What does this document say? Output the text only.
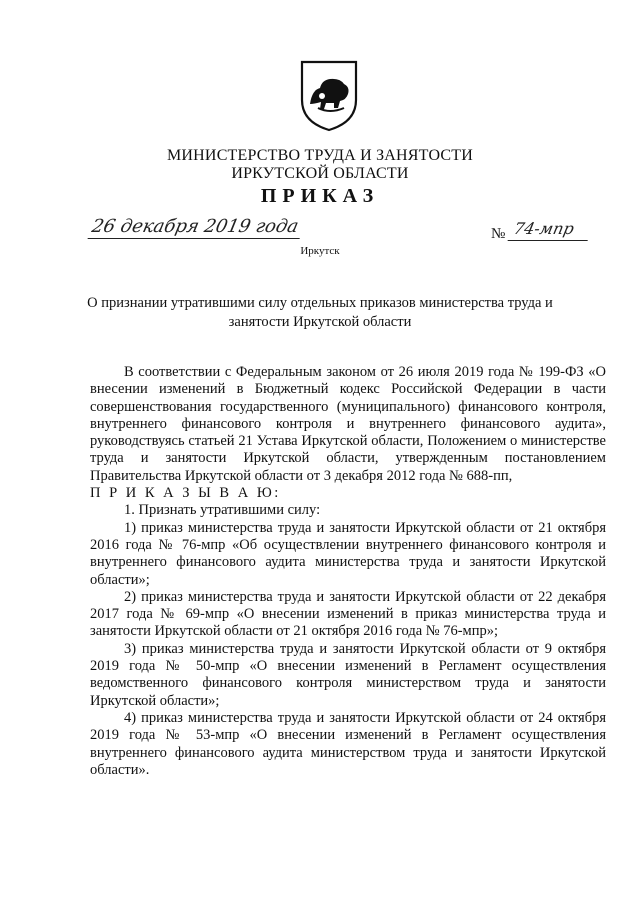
МИНИСТЕРСТВО ТРУДА И ЗАНЯТОСТИ
ИРКУТСКОЙ ОБЛАСТИ
ПРИКАЗ
26 декабря 2019 года	№ 74-мпр
Иркутск
О признании утратившими силу отдельных приказов министерства труда и занятости Иркутской области

В соответствии с Федеральным законом от 26 июля 2019 года № 199-ФЗ «О внесении изменений в Бюджетный кодекс Российской Федерации в части совершенствования государственного (муниципального) финансового контроля, внутреннего финансового контроля и внутреннего финансового аудита», руководствуясь статьей 21 Устава Иркутской области, Положением о министерстве труда и занятости Иркутской области, утвержденным постановлением Правительства Иркутской области от 3 декабря 2012 года № 688-пп,

П Р И К А З Ы В А Ю:

1. Признать утратившими силу:

1) приказ министерства труда и занятости Иркутской области от 21 октября 2016 года № 76-мпр «Об осуществлении внутреннего финансового контроля и внутреннего финансового аудита министерства труда и занятости Иркутской области»;

2) приказ министерства труда и занятости Иркутской области от 22 декабря 2017 года № 69-мпр «О внесении изменений в приказ министерства труда и занятости Иркутской области от 21 октября 2016 года № 76-мпр»;

3) приказ министерства труда и занятости Иркутской области от 9 октября 2019 года № 50-мпр «О внесении изменений в Регламент осуществления ведомственного финансового контроля министерством труда и занятости Иркутской области»;

4) приказ министерства труда и занятости Иркутской области от 24 октября 2019 года № 53-мпр «О внесении изменений в Регламент осуществления внутреннего финансового аудита министерством труда и занятости Иркутской области».
